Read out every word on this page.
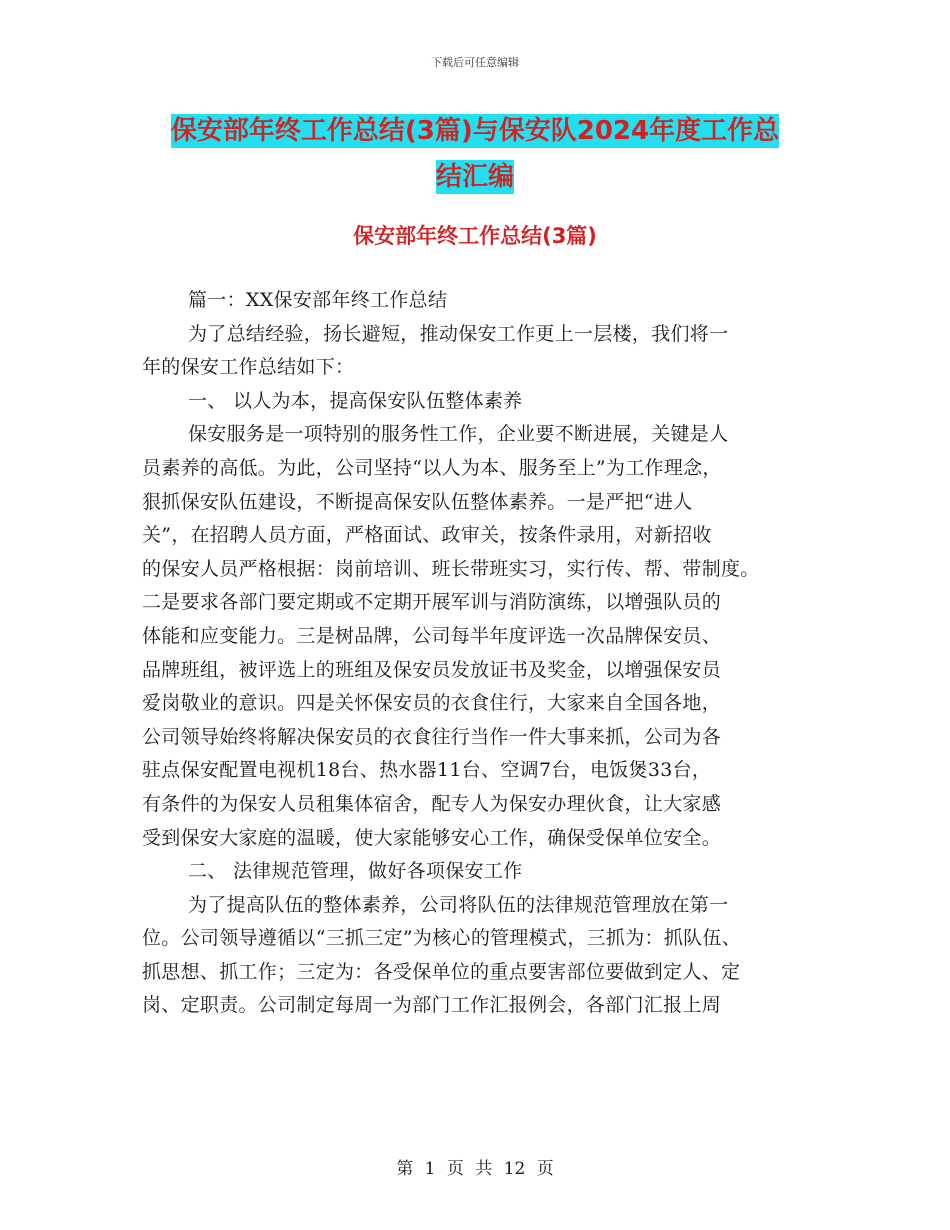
下载后可任意编辑
保安部年终工作总结(3篇)与保安队2024年度工作总
结汇编
保安部年终工作总结(3篇)

篇一：XX保安部年终工作总结

为了总结经验，扬长避短，推动保安工作更上一层楼，我们将一

年的保安工作总结如下：

一、 以人为本，提高保安队伍整体素养

保安服务是一项特别的服务性工作，企业要不断进展，关键是人

员素养的高低。为此，公司坚持“以人为本、服务至上”为工作理念，

狠抓保安队伍建设，不断提高保安队伍整体素养。一是严把“进人

关”，在招聘人员方面，严格面试、政审关，按条件录用，对新招收

的保安人员严格根据：岗前培训、班长带班实习，实行传、帮、带制度。

二是要求各部门要定期或不定期开展军训与消防演练，以增强队员的

体能和应变能力。三是树品牌，公司每半年度评选一次品牌保安员、

品牌班组，被评选上的班组及保安员发放证书及奖金，以增强保安员

爱岗敬业的意识。四是关怀保安员的衣食住行，大家来自全国各地，

公司领导始终将解决保安员的衣食往行当作一件大事来抓，公司为各

驻点保安配置电视机18台、热水器11台、空调7台，电饭煲33台，

有条件的为保安人员租集体宿舍，配专人为保安办理伙食，让大家感

受到保安大家庭的温暖，使大家能够安心工作，确保受保单位安全。

二、 法律规范管理，做好各项保安工作

为了提高队伍的整体素养，公司将队伍的法律规范管理放在第一

位。公司领导遵循以“三抓三定”为核心的管理模式，三抓为：抓队伍、

抓思想、抓工作；三定为：各受保单位的重点要害部位要做到定人、定

岗、定职责。公司制定每周一为部门工作汇报例会，各部门汇报上周

第 1 页 共 12 页
